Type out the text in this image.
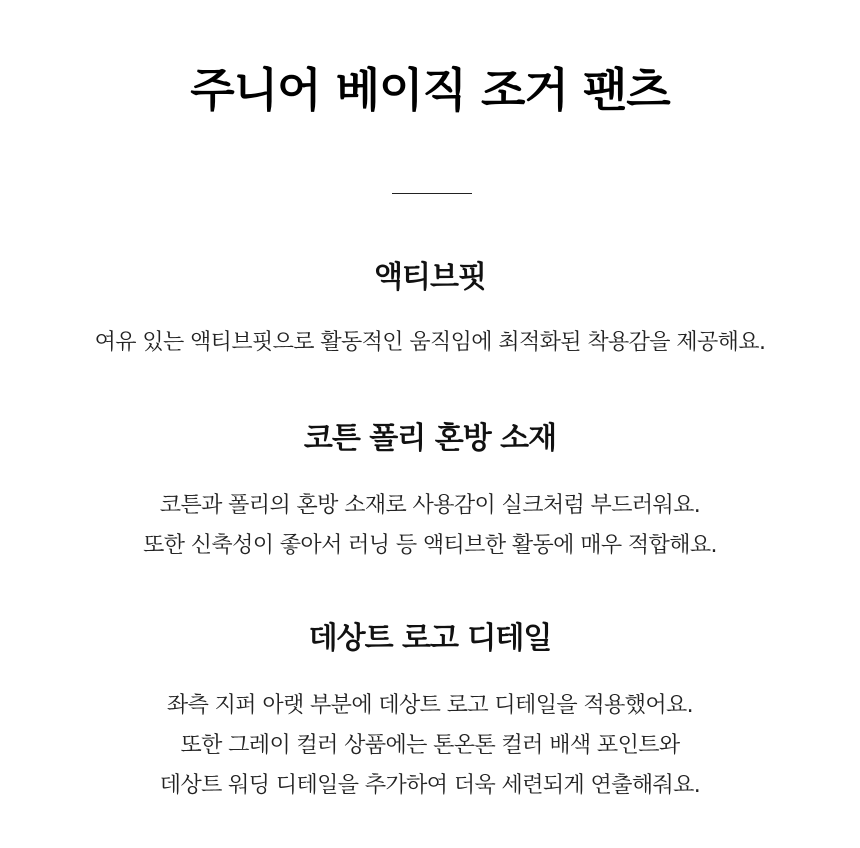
주니어 베이직 조거 팬츠
액티브핏

여유 있는 액티브핏으로 활동적인 움직임에 최적화된 착용감을 제공해요.

코튼 폴리 혼방 소재

코튼과 폴리의 혼방 소재로 사용감이 실크처럼 부드러워요.
또한 신축성이 좋아서 러닝 등 액티브한 활동에 매우 적합해요.

데상트 로고 디테일

좌측 지퍼 아랫 부분에 데상트 로고 디테일을 적용했어요.
또한 그레이 컬러 상품에는 톤온톤 컬러 배색 포인트와
데상트 워딩 디테일을 추가하여 더욱 세련되게 연출해줘요.
